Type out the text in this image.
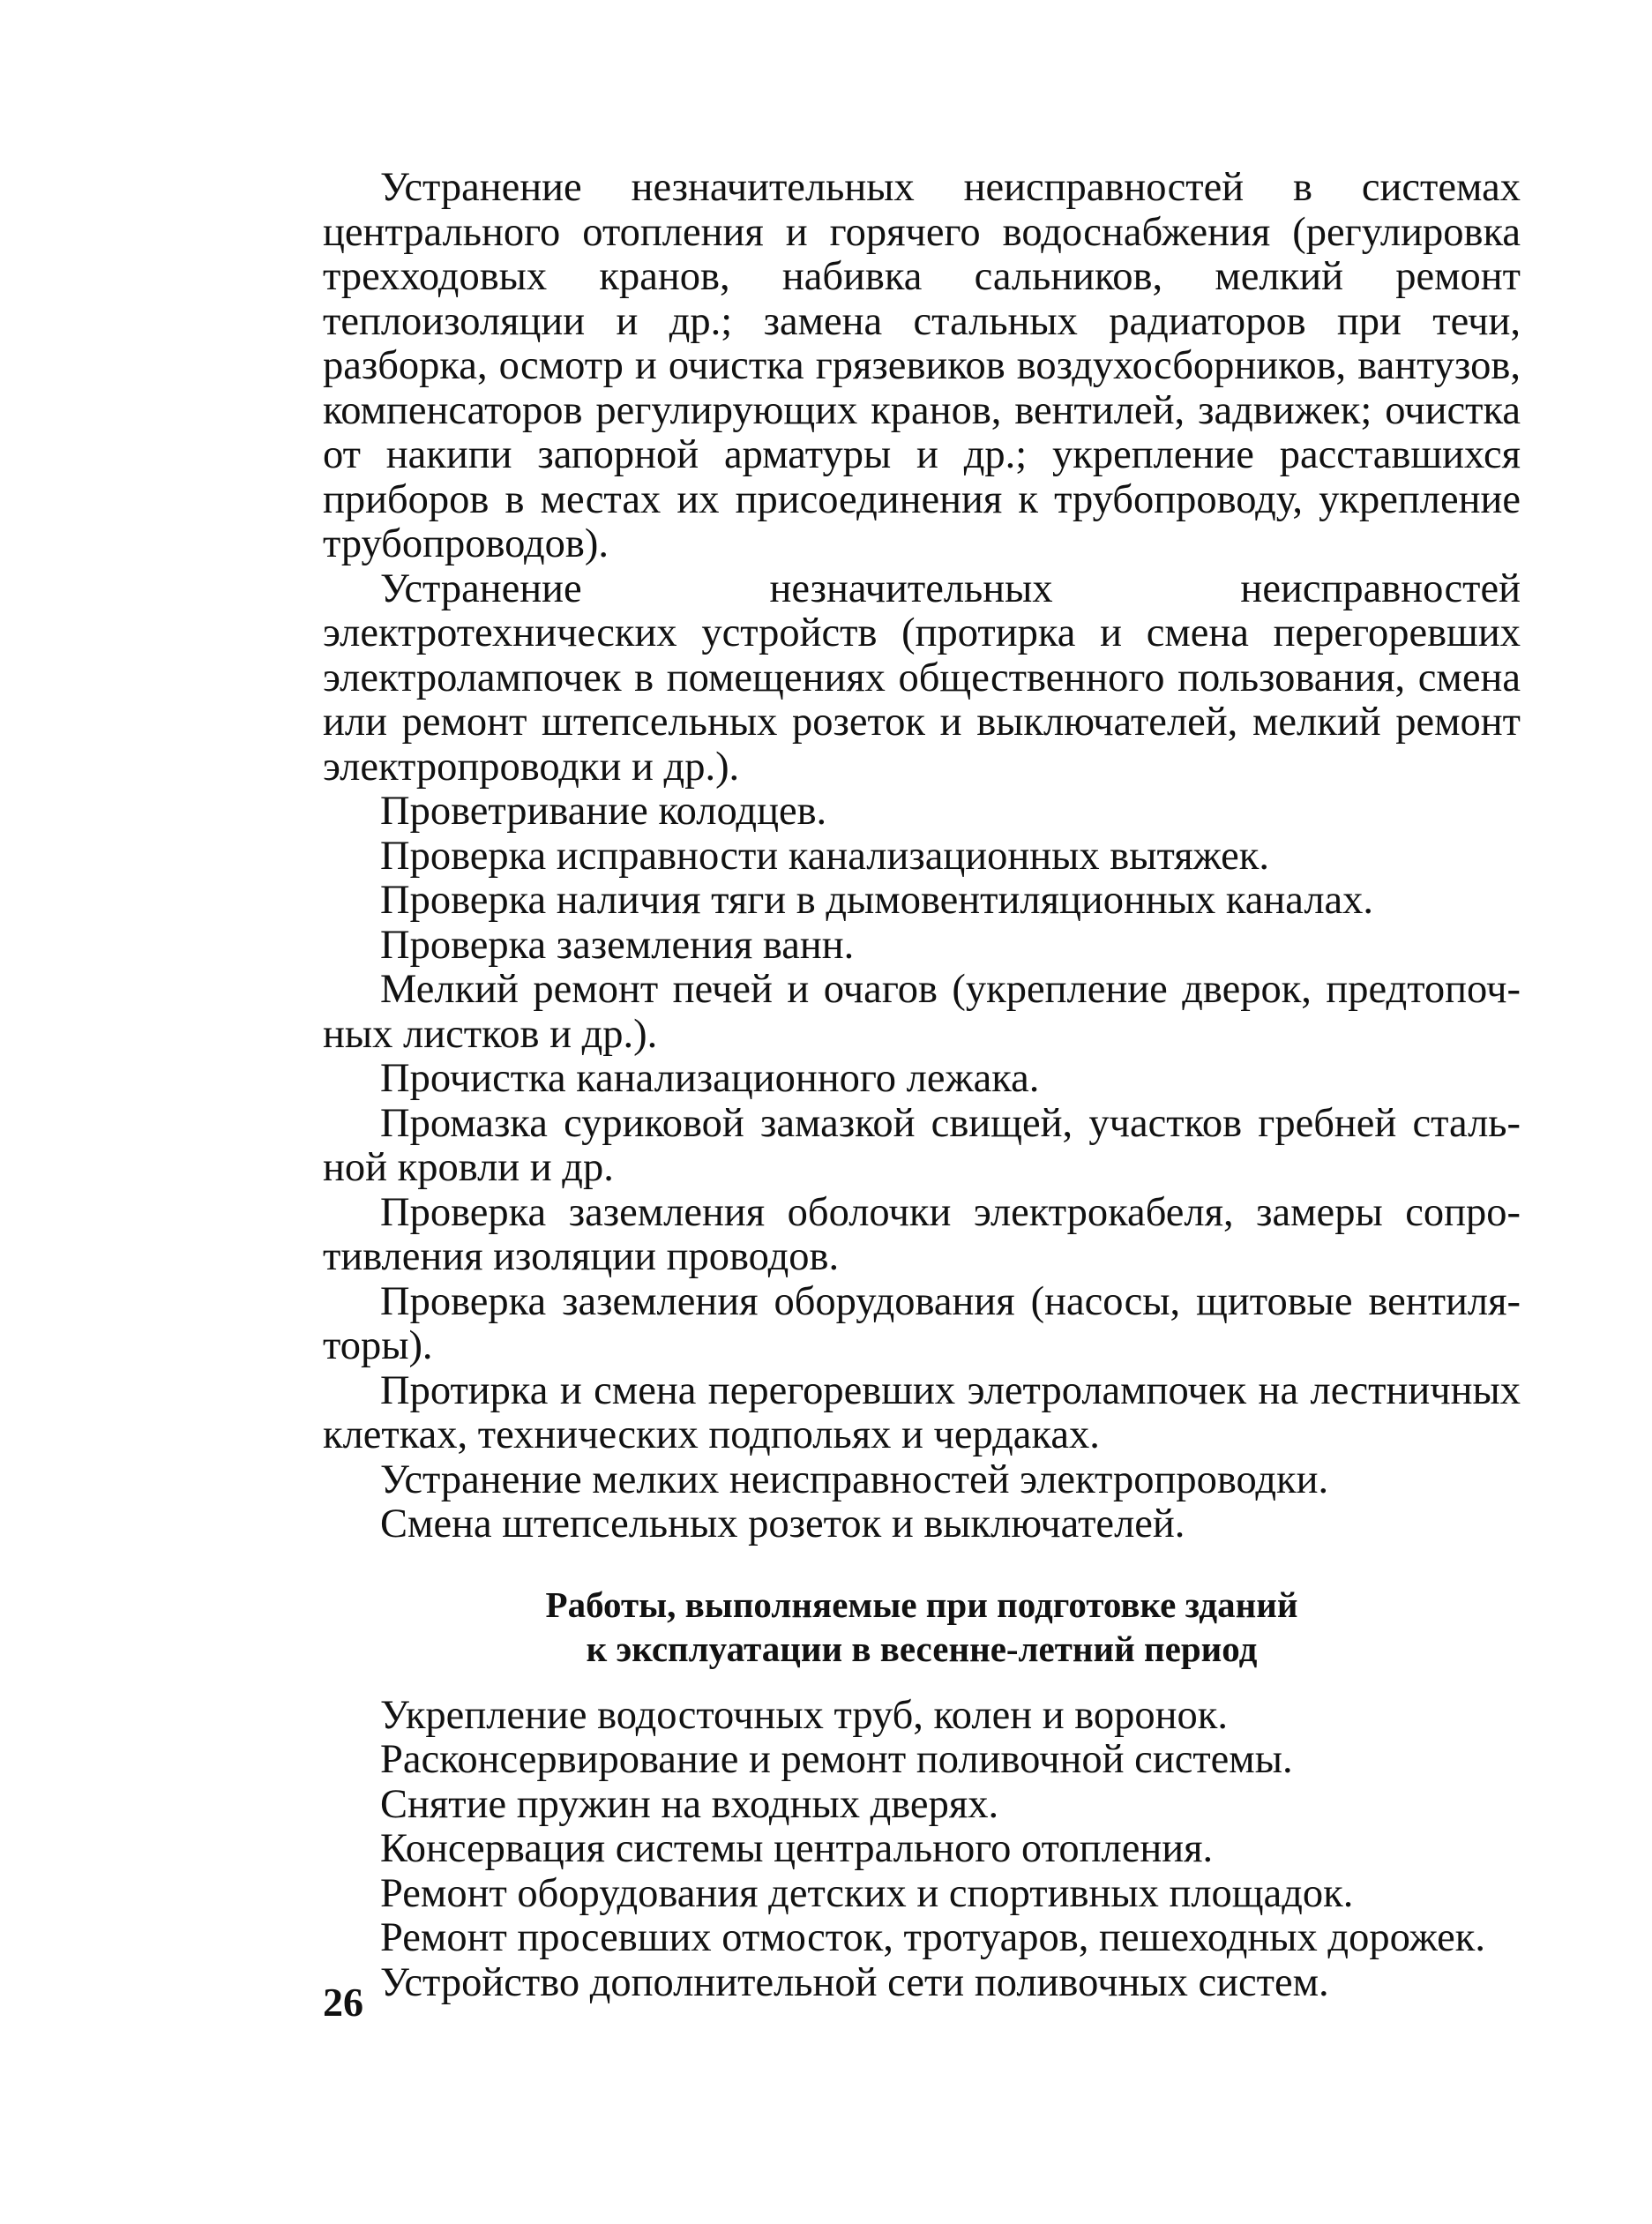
Устранение незначительных неисправностей в системах центрального отопления и горячего водоснабжения (регулировка трехходовых кранов, набивка сальников, мелкий ремонт теплоизоляции и др.; замена стальных радиаторов при течи, разборка, осмотр и очистка грязевиков воздухосборников, вантузов, компенсаторов регулирующих кранов, вентилей, задвижек; очистка от накипи запорной арматуры и др.; укрепление расставшихся приборов в местах их присоединения к трубопроводу, укрепление трубопроводов).

Устранение незначительных неисправностей электротехнических устройств (протирка и смена перегоревших электролампочек в помещениях общественного пользования, смена или ремонт штепсельных розеток и выключателей, мелкий ремонт электропроводки и др.).

Проветривание колодцев.

Проверка исправности канализационных вытяжек.

Проверка наличия тяги в дымовентиляционных каналах.

Проверка заземления ванн.

Мелкий ремонт печей и очагов (укрепление дверок, предтопочных листков и др.).

Прочистка канализационного лежака.

Промазка суриковой замазкой свищей, участков гребней стальной кровли и др.

Проверка заземления оболочки электрокабеля, замеры сопротивления изоляции проводов.

Проверка заземления оборудования (насосы, щитовые вентиляторы).

Протирка и смена перегоревших элетролампочек на лестничных клетках, технических подпольях и чердаках.

Устранение мелких неисправностей электропроводки.

Смена штепсельных розеток и выключателей.

Работы, выполняемые при подготовке зданий
к эксплуатации в весенне-летний период

Укрепление водосточных труб, колен и воронок.

Расконсервирование и ремонт поливочной системы.

Снятие пружин на входных дверях.

Консервация системы центрального отопления.

Ремонт оборудования детских и спортивных площадок.

Ремонт просевших отмосток, тротуаров, пешеходных дорожек.

Устройство дополнительной сети поливочных систем.

26
